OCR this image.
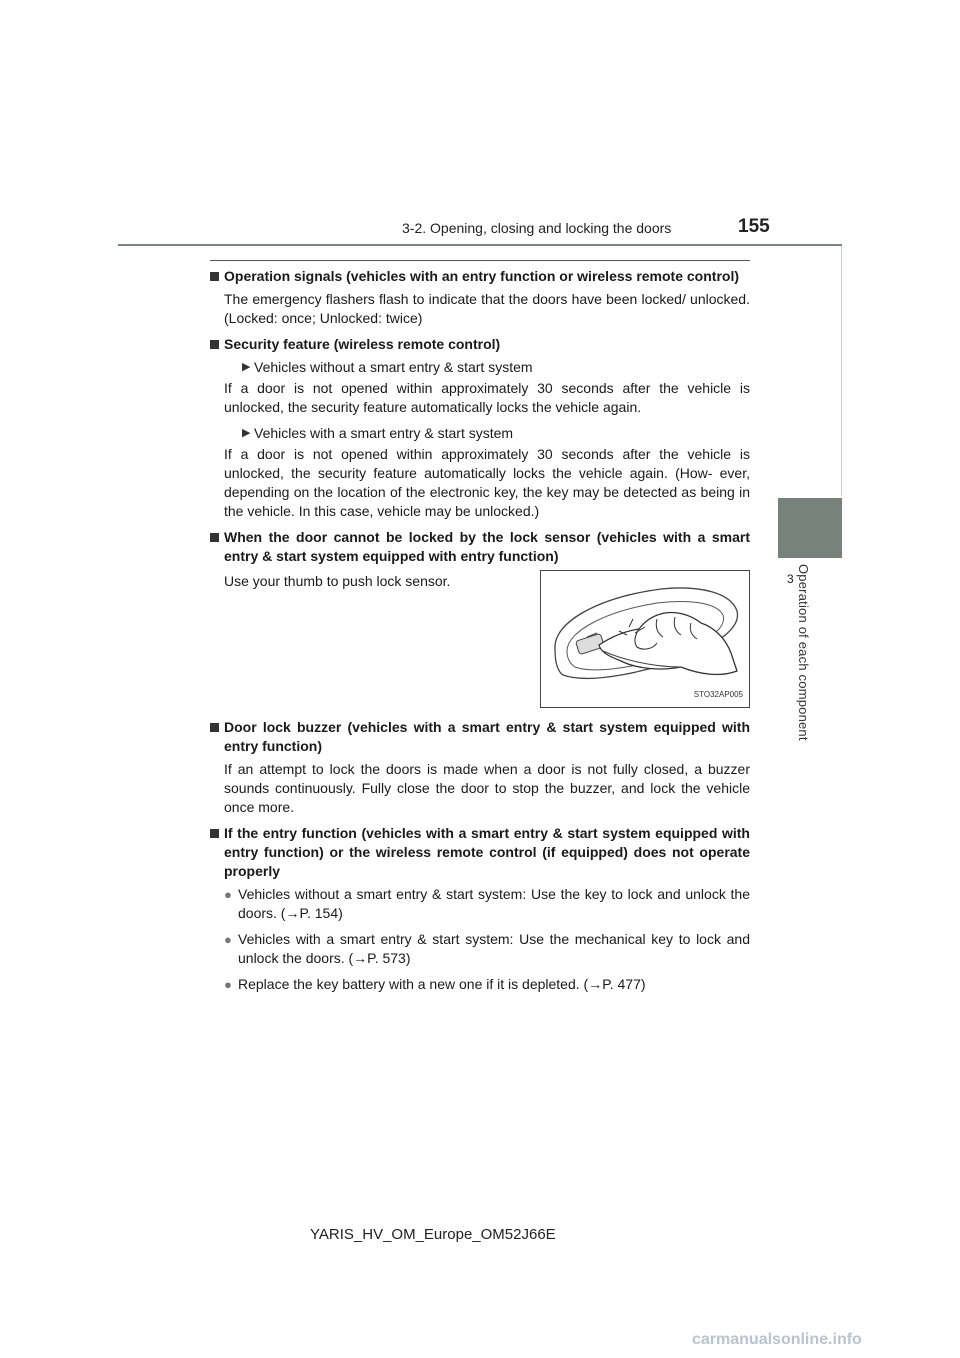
3-2. Opening, closing and locking the doors	155
3 Operation of each component
Operation signals (vehicles with an entry function or wireless remote control)
The emergency flashers flash to indicate that the doors have been locked/ unlocked. (Locked: once; Unlocked: twice)
Security feature (wireless remote control)
▶ Vehicles without a smart entry & start system
If a door is not opened within approximately 30 seconds after the vehicle is unlocked, the security feature automatically locks the vehicle again.
▶ Vehicles with a smart entry & start system
If a door is not opened within approximately 30 seconds after the vehicle is unlocked, the security feature automatically locks the vehicle again. (How- ever, depending on the location of the electronic key, the key may be detected as being in the vehicle. In this case, vehicle may be unlocked.)
When the door cannot be locked by the lock sensor (vehicles with a smart entry & start system equipped with entry function)
Use your thumb to push lock sensor.
STO32AP005
Door lock buzzer (vehicles with a smart entry & start system equipped with entry function)
If an attempt to lock the doors is made when a door is not fully closed, a buzzer sounds continuously. Fully close the door to stop the buzzer, and lock the vehicle once more.
If the entry function (vehicles with a smart entry & start system equipped with entry function) or the wireless remote control (if equipped) does not operate properly
● Vehicles without a smart entry & start system: Use the key to lock and unlock the doors. (→P. 154)
● Vehicles with a smart entry & start system: Use the mechanical key to lock and unlock the doors. (→P. 573)
● Replace the key battery with a new one if it is depleted. (→P. 477)
YARIS_HV_OM_Europe_OM52J66E
carmanualsonline.info
